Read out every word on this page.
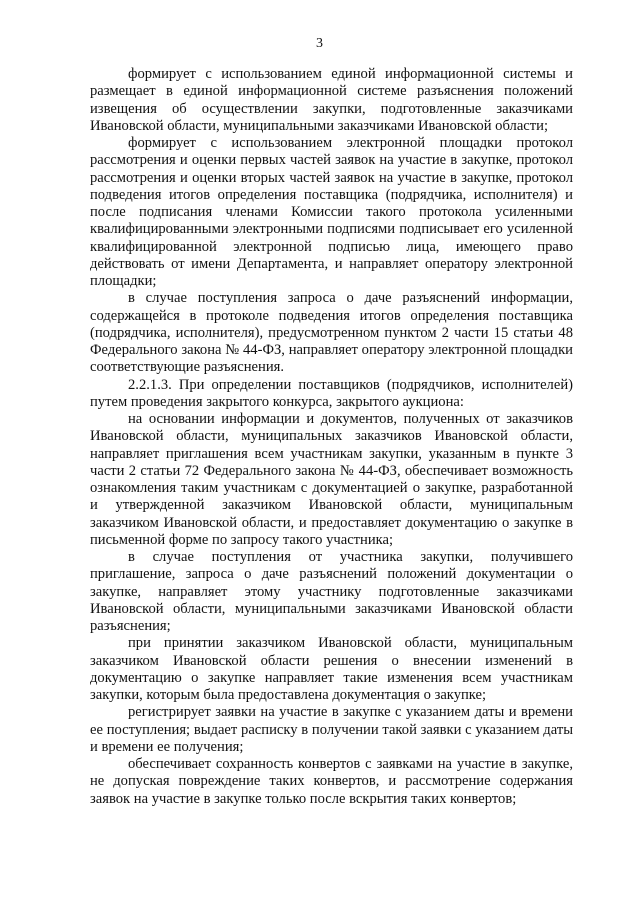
3

формирует с использованием единой информационной системы и размещает в единой информационной системе разъяснения положений извещения об осуществлении закупки, подготовленные заказчиками Ивановской области, муниципальными заказчиками Ивановской области;

формирует с использованием электронной площадки протокол рассмотрения и оценки первых частей заявок на участие в закупке, протокол рассмотрения и оценки вторых частей заявок на участие в закупке, протокол подведения итогов определения поставщика (подрядчика, исполнителя) и после подписания членами Комиссии такого протокола усиленными квалифицированными электронными подписями подписывает его усиленной квалифицированной электронной подписью лица, имеющего право действовать от имени Департамента, и направляет оператору электронной площадки;

в случае поступления запроса о даче разъяснений информации, содержащейся в протоколе подведения итогов определения поставщика (подрядчика, исполнителя), предусмотренном пунктом 2 части 15 статьи 48 Федерального закона № 44-ФЗ, направляет оператору электронной площадки соответствующие разъяснения.

2.2.1.3. При определении поставщиков (подрядчиков, исполнителей) путем проведения закрытого конкурса, закрытого аукциона:

на основании информации и документов, полученных от заказчиков Ивановской области, муниципальных заказчиков Ивановской области, направляет приглашения всем участникам закупки, указанным в пункте 3 части 2 статьи 72 Федерального закона № 44-ФЗ, обеспечивает возможность ознакомления таким участникам с документацией о закупке, разработанной и утвержденной заказчиком Ивановской области, муниципальным заказчиком Ивановской области, и предоставляет документацию о закупке в письменной форме по запросу такого участника;

в случае поступления от участника закупки, получившего приглашение, запроса о даче разъяснений положений документации о закупке, направляет этому участнику подготовленные заказчиками Ивановской области, муниципальными заказчиками Ивановской области разъяснения;

при принятии заказчиком Ивановской области, муниципальным заказчиком Ивановской области решения о внесении изменений в документацию о закупке направляет такие изменения всем участникам закупки, которым была предоставлена документация о закупке;

регистрирует заявки на участие в закупке с указанием даты и времени ее поступления; выдает расписку в получении такой заявки с указанием даты и времени ее получения;

обеспечивает сохранность конвертов с заявками на участие в закупке, не допуская повреждение таких конвертов, и рассмотрение содержания заявок на участие в закупке только после вскрытия таких конвертов;
